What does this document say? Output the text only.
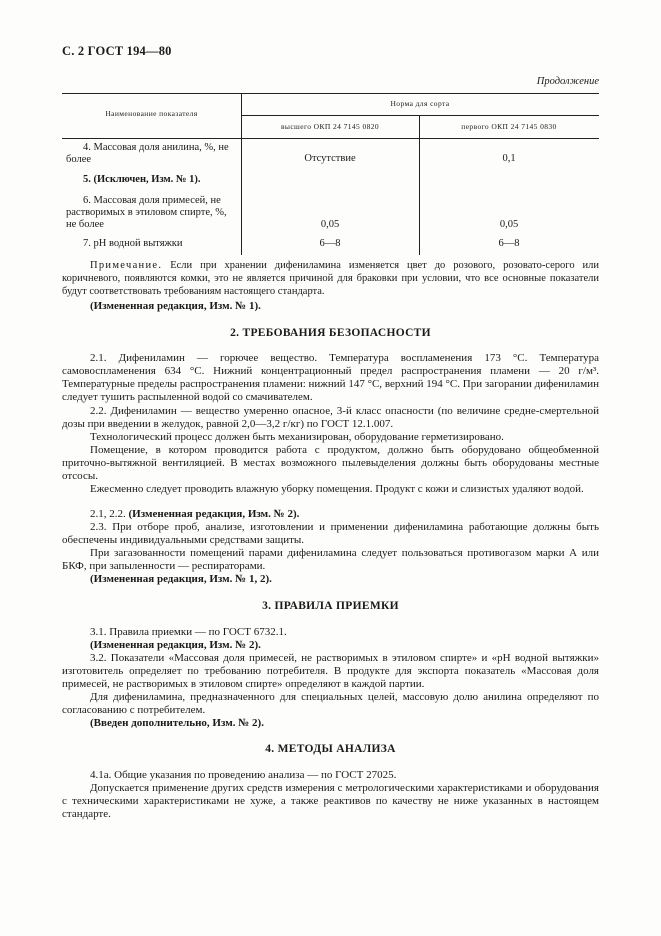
С. 2 ГОСТ 194—80
Продолжение
Наименование показателя
Норма для сорта
высшего ОКП 24 7145 0820	первого ОКП 24 7145 0830
4. Массовая доля анилина, %, не более	Отсутствие	0,1
5. (Исключен, Изм. № 1).
6. Массовая доля примесей, не растворимых в этиловом спирте, %, не более	0,05	0,05
7. pH водной вытяжки	6—8	6—8
Примечание. Если при хранении дифениламина изменяется цвет до розового, розовато-серого или коричневого, появляются комки, это не является причиной для браковки при условии, что все основные показатели будут соответствовать требованиям настоящего стандарта.
(Измененная редакция, Изм. № 1).
2. ТРЕБОВАНИЯ БЕЗОПАСНОСТИ
2.1. Дифениламин — горючее вещество. Температура воспламенения 173 °С. Температура самовоспламенения 634 °С. Нижний концентрационный предел распространения пламени — 20 г/м³. Температурные пределы распространения пламени: нижний 147 °С, верхний 194 °С. При загорании дифениламин следует тушить распыленной водой со смачивателем.
2.2. Дифениламин — вещество умеренно опасное, 3-й класс опасности (по величине средне-смертельной дозы при введении в желудок, равной 2,0—3,2 г/кг) по ГОСТ 12.1.007.
Технологический процесс должен быть механизирован, оборудование герметизировано.
Помещение, в котором проводится работа с продуктом, должно быть оборудовано общеобменной приточно-вытяжной вентиляцией. В местах возможного пылевыделения должны быть оборудованы местные отсосы.
Ежесменно следует проводить влажную уборку помещения. Продукт с кожи и слизистых удаляют водой.
2.1, 2.2. (Измененная редакция, Изм. № 2).
2.3. При отборе проб, анализе, изготовлении и применении дифениламина работающие должны быть обеспечены индивидуальными средствами защиты.
При загазованности помещений парами дифениламина следует пользоваться противогазом марки А или БКФ, при запыленности — респираторами.
(Измененная редакция, Изм. № 1, 2).
3. ПРАВИЛА ПРИЕМКИ
3.1. Правила приемки — по ГОСТ 6732.1.
(Измененная редакция, Изм. № 2).
3.2. Показатели «Массовая доля примесей, не растворимых в этиловом спирте» и «pH водной вытяжки» изготовитель определяет по требованию потребителя. В продукте для экспорта показатель «Массовая доля примесей, не растворимых в этиловом спирте» определяют в каждой партии.
Для дифениламина, предназначенного для специальных целей, массовую долю анилина определяют по согласованию с потребителем.
(Введен дополнительно, Изм. № 2).
4. МЕТОДЫ АНАЛИЗА
4.1а. Общие указания по проведению анализа — по ГОСТ 27025.
Допускается применение других средств измерения с метрологическими характеристиками и оборудования с техническими характеристиками не хуже, а также реактивов по качеству не ниже указанных в настоящем стандарте.
